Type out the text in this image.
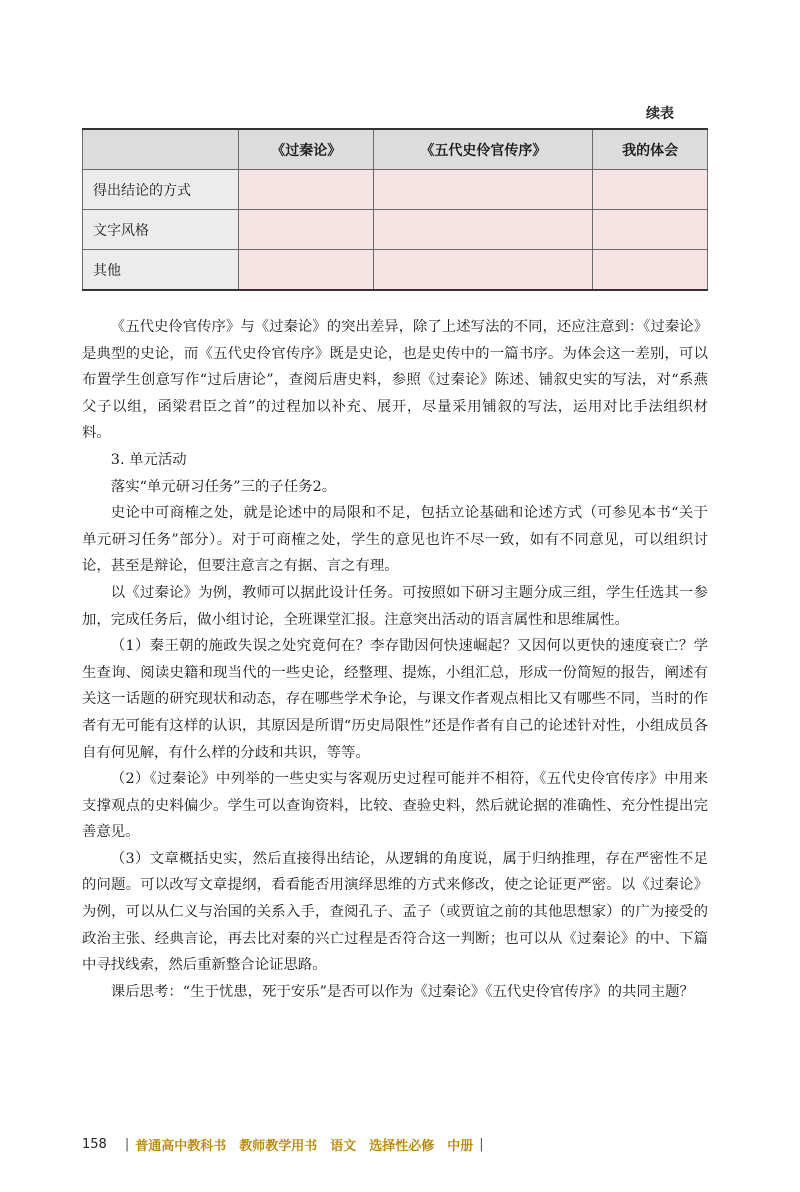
续表
	《过秦论》	《五代史伶官传序》	我的体会
得出结论的方式			
文字风格			
其他			

《五代史伶官传序》与《过秦论》的突出差异，除了上述写法的不同，还应注意到：《过秦论》是典型的史论，而《五代史伶官传序》既是史论，也是史传中的一篇书序。为体会这一差别，可以布置学生创意写作“过后唐论”，查阅后唐史料，参照《过秦论》陈述、铺叙史实的写法，对“系燕父子以组，函梁君臣之首”的过程加以补充、展开，尽量采用铺叙的写法，运用对比手法组织材料。

3. 单元活动

落实“单元研习任务”三的子任务2。

史论中可商榷之处，就是论述中的局限和不足，包括立论基础和论述方式（可参见本书“关于单元研习任务”部分）。对于可商榷之处，学生的意见也许不尽一致，如有不同意见，可以组织讨论，甚至是辩论，但要注意言之有据、言之有理。

以《过秦论》为例，教师可以据此设计任务。可按照如下研习主题分成三组，学生任选其一参加，完成任务后，做小组讨论，全班课堂汇报。注意突出活动的语言属性和思维属性。

（1）秦王朝的施政失误之处究竟何在？李存勖因何快速崛起？又因何以更快的速度衰亡？学生查询、阅读史籍和现当代的一些史论，经整理、提炼，小组汇总，形成一份简短的报告，阐述有关这一话题的研究现状和动态，存在哪些学术争论，与课文作者观点相比又有哪些不同，当时的作者有无可能有这样的认识，其原因是所谓“历史局限性”还是作者有自己的论述针对性，小组成员各自有何见解，有什么样的分歧和共识，等等。

（2）《过秦论》中列举的一些史实与客观历史过程可能并不相符，《五代史伶官传序》中用来支撑观点的史料偏少。学生可以查询资料，比较、查验史料，然后就论据的准确性、充分性提出完善意见。

（3）文章概括史实，然后直接得出结论，从逻辑的角度说，属于归纳推理，存在严密性不足的问题。可以改写文章提纲，看看能否用演绎思维的方式来修改，使之论证更严密。以《过秦论》为例，可以从仁义与治国的关系入手，查阅孔子、孟子（或贾谊之前的其他思想家）的广为接受的政治主张、经典言论，再去比对秦的兴亡过程是否符合这一判断；也可以从《过秦论》的中、下篇中寻找线索，然后重新整合论证思路。

课后思考：“生于忧患，死于安乐”是否可以作为《过秦论》《五代史伶官传序》的共同主题？

158 | 普通高中教科书　教师教学用书　语文　选择性必修　中册 |
